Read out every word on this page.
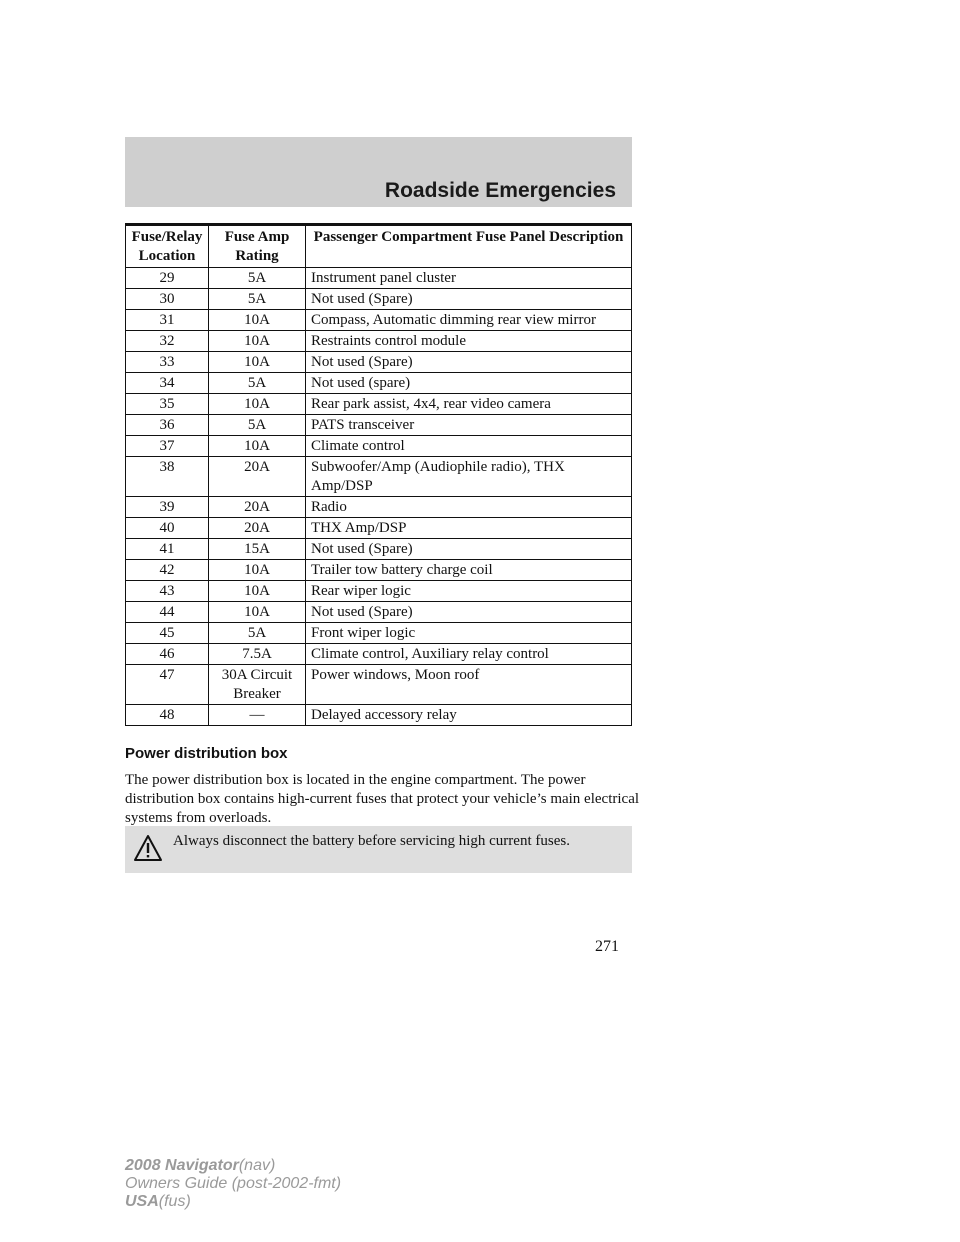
Roadside Emergencies
Fuse/Relay Location	Fuse Amp Rating	Passenger Compartment Fuse Panel Description
29	5A	Instrument panel cluster
30	5A	Not used (Spare)
31	10A	Compass, Automatic dimming rear view mirror
32	10A	Restraints control module
33	10A	Not used (Spare)
34	5A	Not used (spare)
35	10A	Rear park assist, 4x4, rear video camera
36	5A	PATS transceiver
37	10A	Climate control
38	20A	Subwoofer/Amp (Audiophile radio), THX Amp/DSP
39	20A	Radio
40	20A	THX Amp/DSP
41	15A	Not used (Spare)
42	10A	Trailer tow battery charge coil
43	10A	Rear wiper logic
44	10A	Not used (Spare)
45	5A	Front wiper logic
46	7.5A	Climate control, Auxiliary relay control
47	30A Circuit Breaker	Power windows, Moon roof
48	—	Delayed accessory relay
Power distribution box
The power distribution box is located in the engine compartment. The power distribution box contains high-current fuses that protect your vehicle’s main electrical systems from overloads.
Always disconnect the battery before servicing high current fuses.
271
2008 Navigator(nav)
Owners Guide (post-2002-fmt)
USA(fus)
